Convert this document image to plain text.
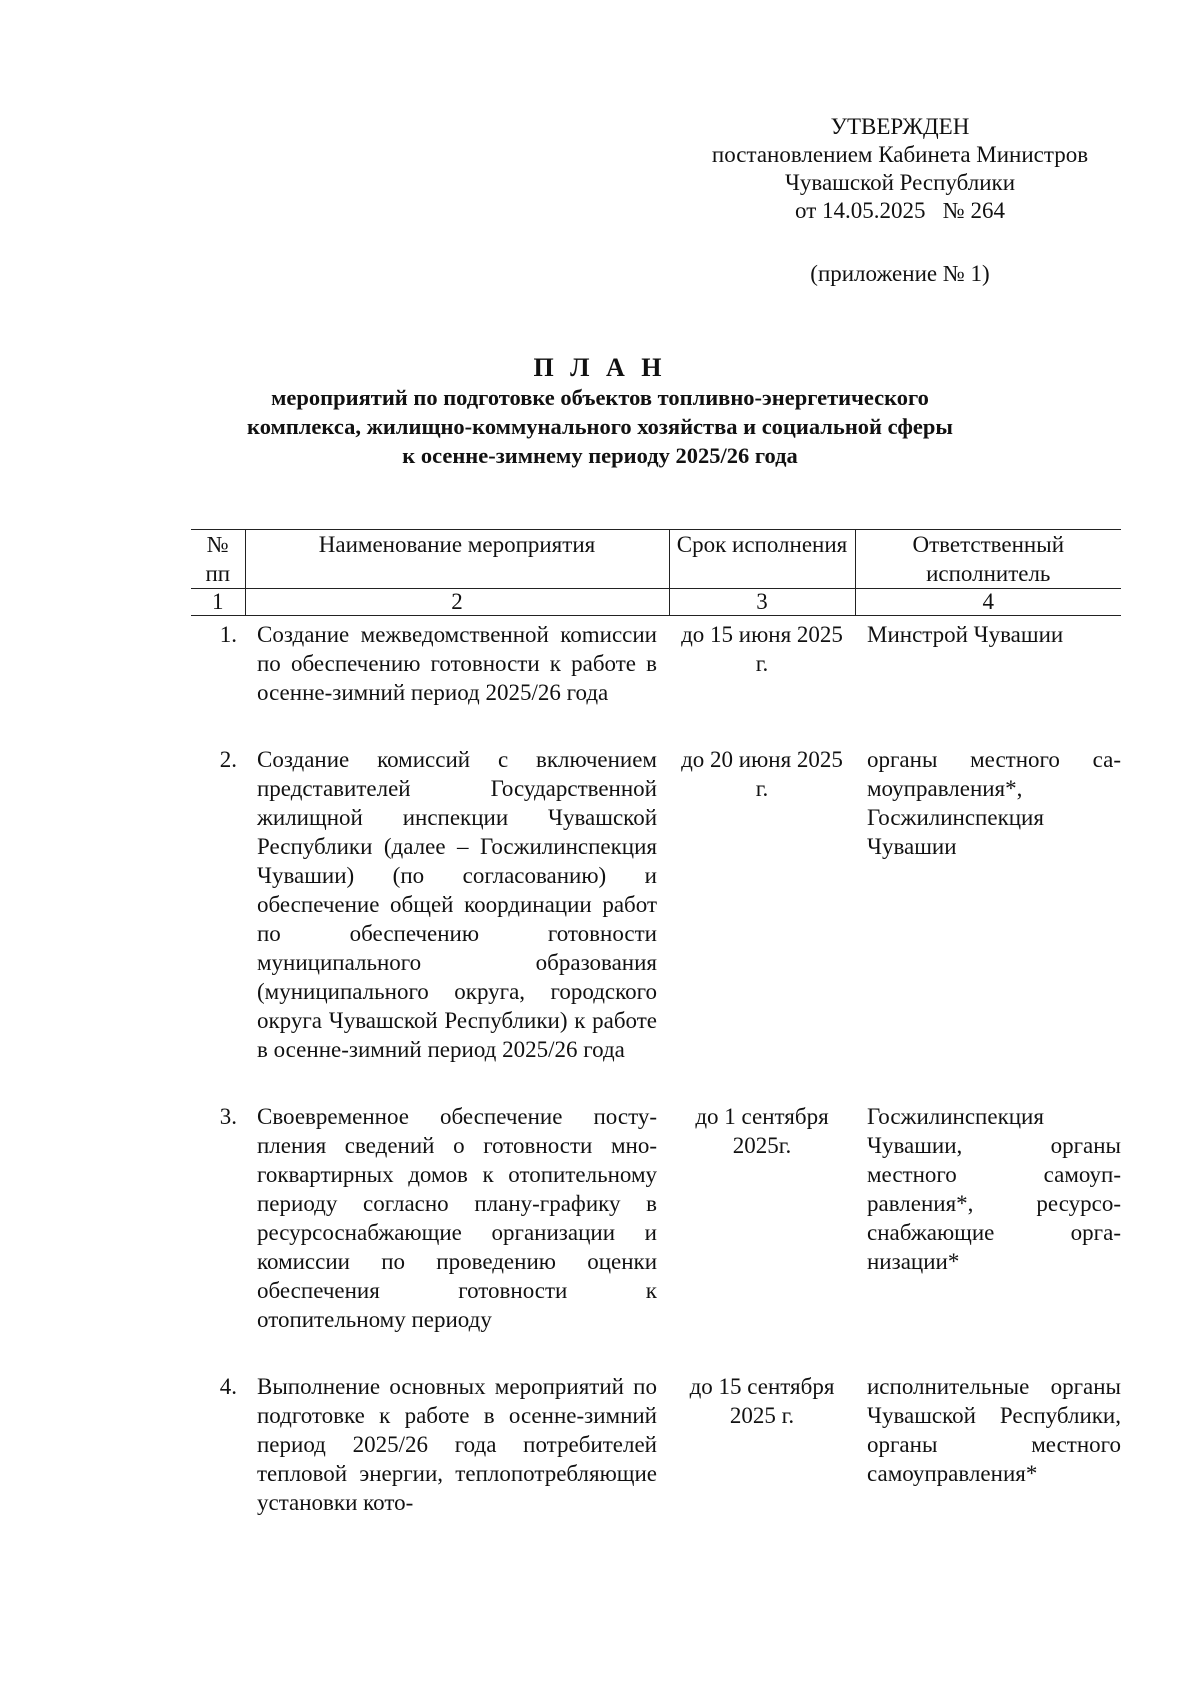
УТВЕРЖДЕН
постановлением Кабинета Министров
Чувашской Республики
от 14.05.2025   № 264
(приложение № 1)
П Л А Н
мероприятий по подготовке объектов топливно-энергетического
комплекса, жилищно-коммунального хозяйства и социальной сферы
к осенне-зимнему периоду 2025/26 года
№ пп	Наименование мероприятия	Срок исполнения	Ответственный исполнитель
1	2	3	4
1.	Создание межведомственной коmиссии по обеспечению готовности к работе в осенне-зимний период 2025/26 года	до 15 июня 2025 г.	Минстрой Чувашии
2.	Создание комиссий с включением представителей Государственной жилищной инспекции Чувашской Республики (далее – Госжилинспекция Чувашии) (по согласованию) и обеспечение общей координации работ по обеспечению готовности муниципального образования (муниципального округа, городского округа Чувашской Республики) к работе в осенне-зимний период 2025/26 года	до 20 июня 2025 г.	органы местного самоуправления*, Госжилинспекция Чувашии
3.	Своевременное обеспечение поступления сведений о готовности многоквартирных домов к отопительному периоду согласно плану-графику в ресурсоснабжающие организации и комиссии по проведению оценки обеспечения готовности к отопительному периоду	до 1 сентября 2025г.	Госжилинспекция Чувашии, органы местного самоуправления*, ресурсоснабжающие организации*
4.	Выполнение основных мероприятий по подготовке к работе в осенне-зимний период 2025/26 года потребителей тепловой энергии, теплопотребляющие установки кото-	до 15 сентября 2025 г.	исполнительные органы Чувашской Республики, органы местного самоуправления*
